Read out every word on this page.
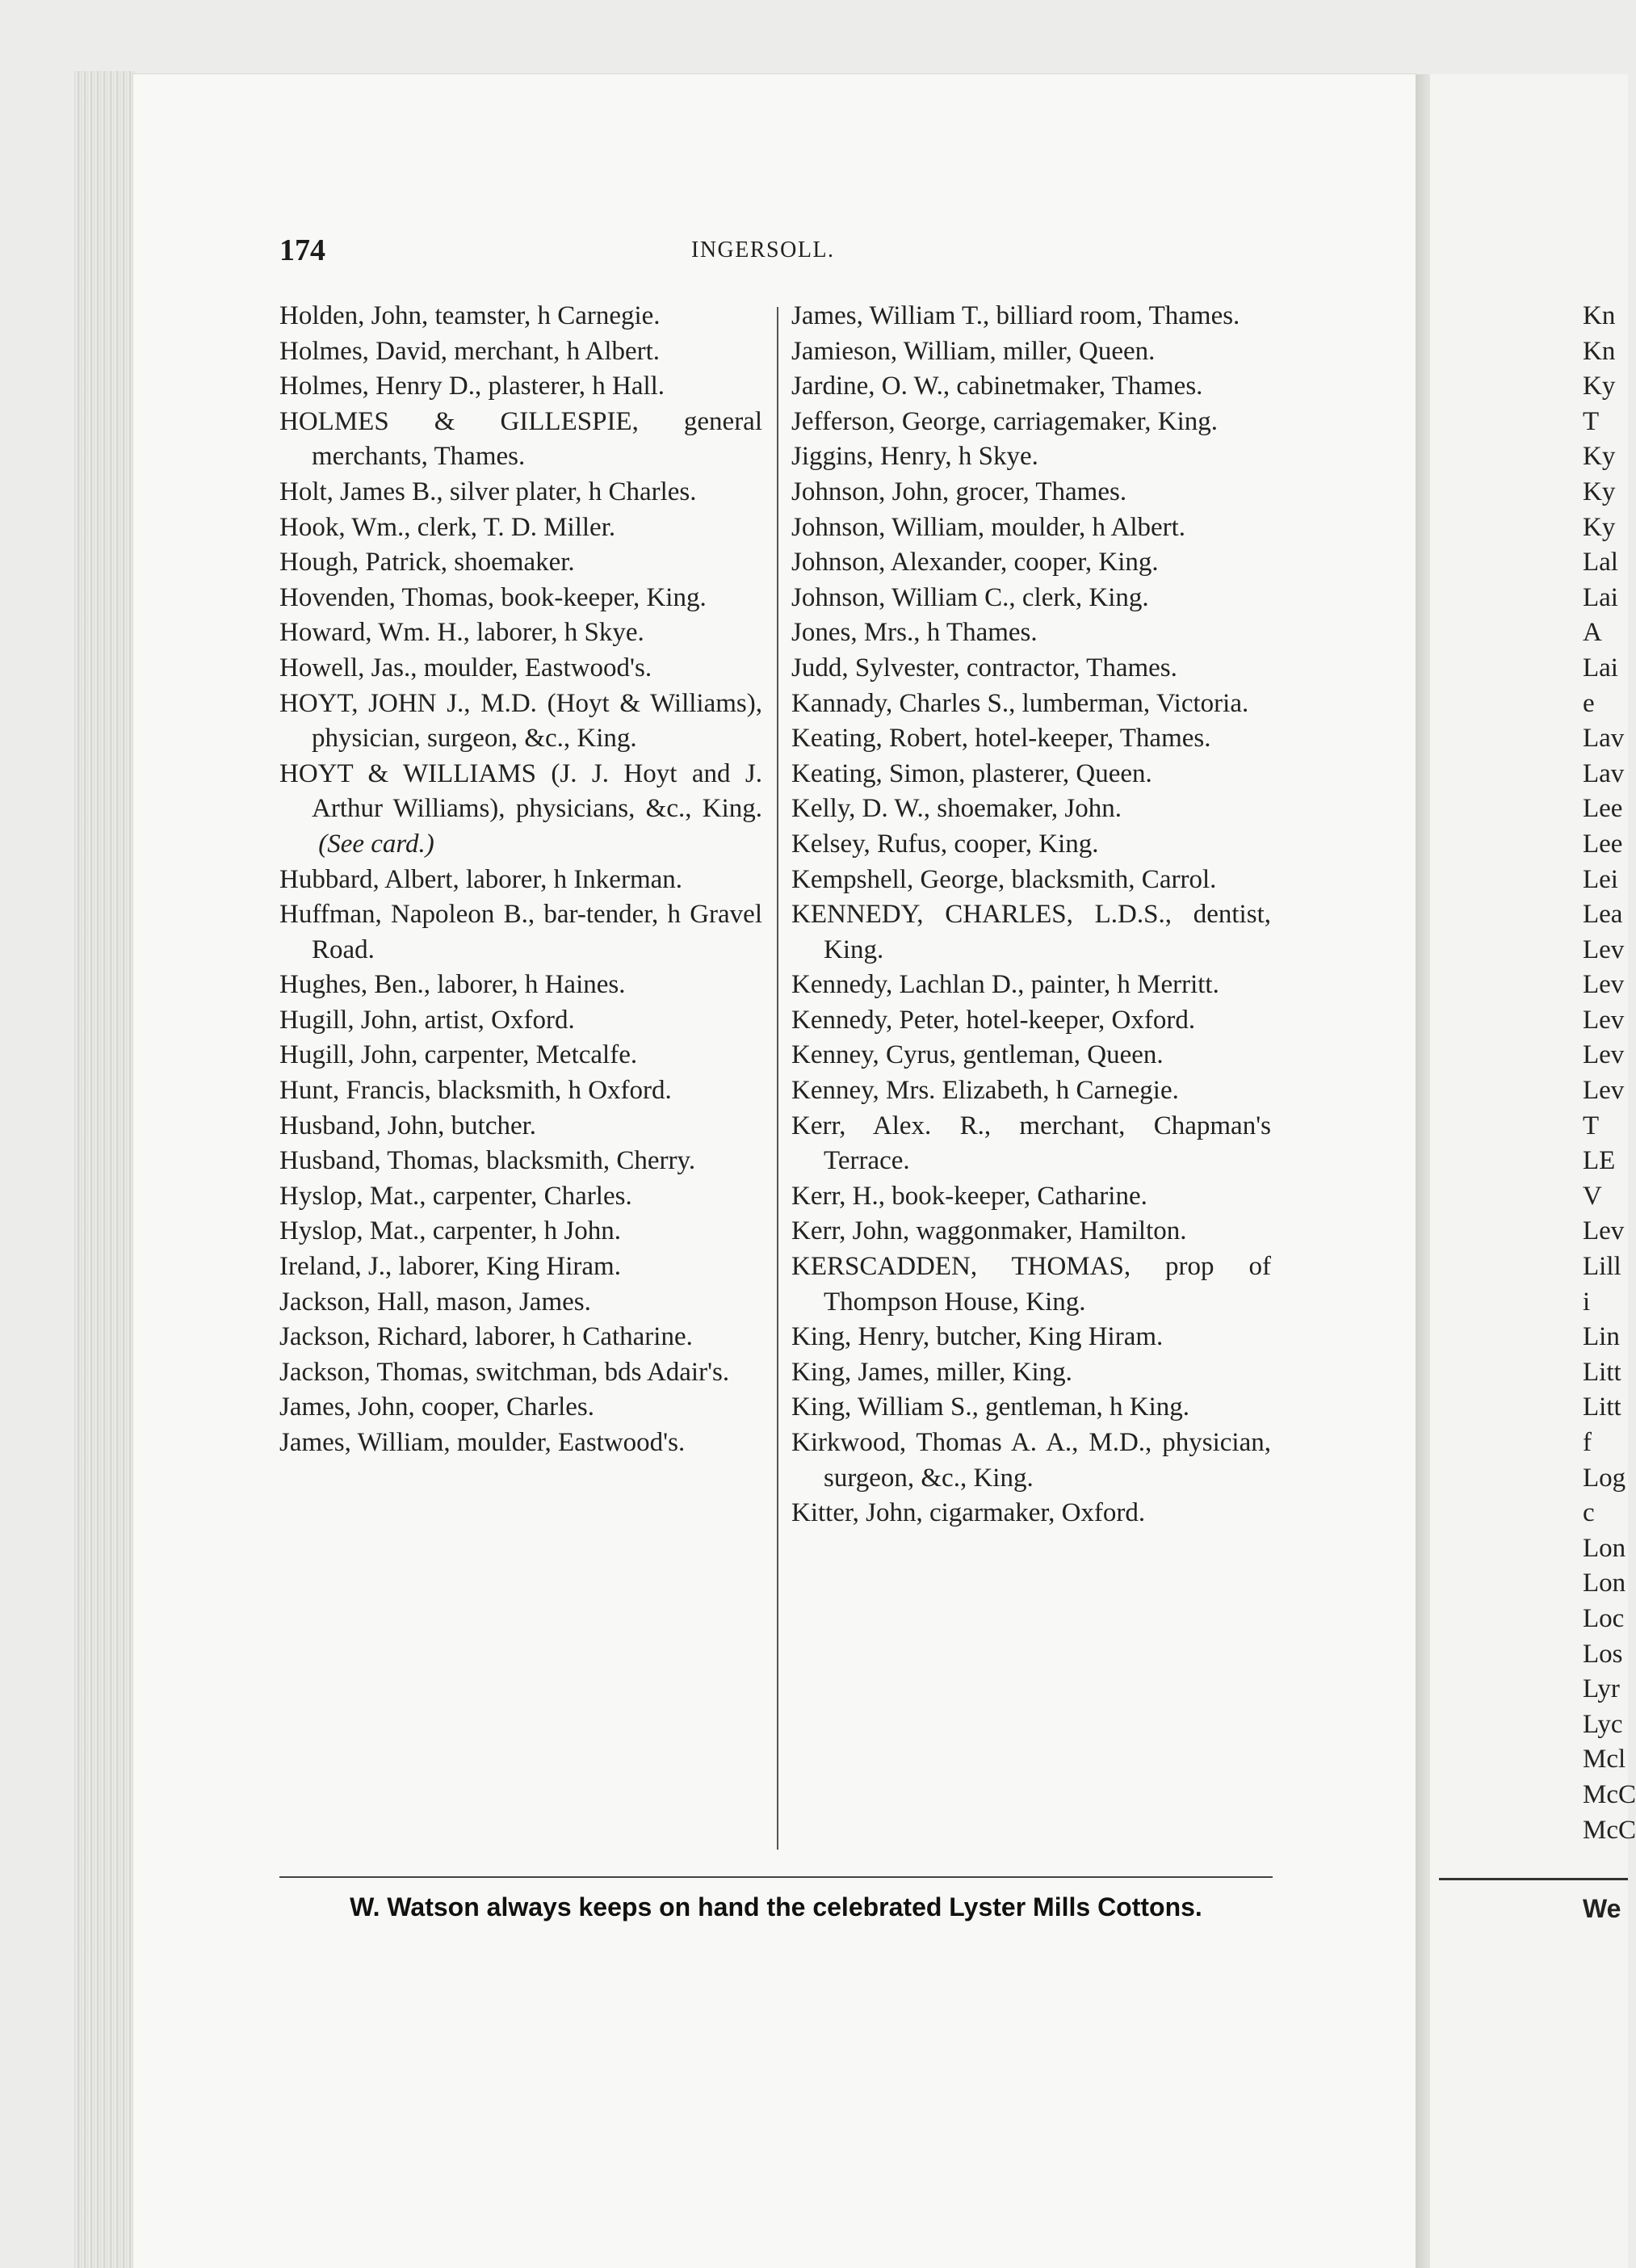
174	INGERSOLL.

Holden, John, teamster, h Carnegie.

Holmes, David, merchant, h Albert.

Holmes, Henry D., plasterer, h Hall.

HOLMES & GILLESPIE, general merchants, Thames.

Holt, James B., silver plater, h Charles.

Hook, Wm., clerk, T. D. Miller.

Hough, Patrick, shoemaker.

Hovenden, Thomas, book-keeper, King.

Howard, Wm. H., laborer, h Skye.

Howell, Jas., moulder, Eastwood's.

HOYT, JOHN J., M.D. (Hoyt & Williams), physician, surgeon, &c., King.

HOYT & WILLIAMS (J. J. Hoyt and J. Arthur Williams), physicians, &c., King.  (See card.)

Hubbard, Albert, laborer, h Inkerman.

Huffman, Napoleon B., bar-tender, h Gravel Road.

Hughes, Ben., laborer, h Haines.

Hugill, John, artist, Oxford.

Hugill, John, carpenter, Metcalfe.

Hunt, Francis, blacksmith, h Oxford.

Husband, John, butcher.

Husband, Thomas, blacksmith, Cherry.

Hyslop, Mat., carpenter, Charles.

Hyslop, Mat., carpenter, h John.

Ireland, J., laborer, King Hiram.

Jackson, Hall, mason, James.

Jackson, Richard, laborer, h Catharine.

Jackson, Thomas, switchman, bds Adair's.

James, John, cooper, Charles.

James, William, moulder, Eastwood's.

James, William T., billiard room, Thames.

Jamieson, William, miller, Queen.

Jardine, O. W., cabinetmaker, Thames.

Jefferson, George, carriagemaker, King.

Jiggins, Henry, h Skye.

Johnson, John, grocer, Thames.

Johnson, William, moulder, h Albert.

Johnson, Alexander, cooper, King.

Johnson, William C., clerk, King.

Jones, Mrs., h Thames.

Judd, Sylvester, contractor, Thames.

Kannady, Charles S., lumberman, Victoria.

Keating, Robert, hotel-keeper, Thames.

Keating, Simon, plasterer, Queen.

Kelly, D. W., shoemaker, John.

Kelsey, Rufus, cooper, King.

Kempshell, George, blacksmith, Carrol.

KENNEDY, CHARLES, L.D.S., dentist, King.

Kennedy, Lachlan D., painter, h Merritt.

Kennedy, Peter, hotel-keeper, Oxford.

Kenney, Cyrus, gentleman, Queen.

Kenney, Mrs. Elizabeth, h Carnegie.

Kerr, Alex. R., merchant, Chapman's Terrace.

Kerr, H., book-keeper, Catharine.

Kerr, John, waggonmaker, Hamilton.

KERSCADDEN, THOMAS, prop of Thompson House, King.

King, Henry, butcher, King Hiram.

King, James, miller, King.

King, William S., gentleman, h King.

Kirkwood, Thomas A. A., M.D., physician, surgeon, &c., King.

Kitter, John, cigarmaker, Oxford.

W. Watson always keeps on hand the celebrated Lyster Mills Cottons.
Kn
Kn
Ky
T
Ky
Ky
Ky
Lal
Lai
A
Lai
e
Lav
Lav
Lee
Lee
Lei
Lea
Lev
Lev
Lev
Lev
Lev
T
LE
V
Lev
Lill
i
Lin
Litt
Litt
f
Log
c
Lon
Lon
Loc
Los
Lyr
Lyc
Mcl
McC
McC
We
